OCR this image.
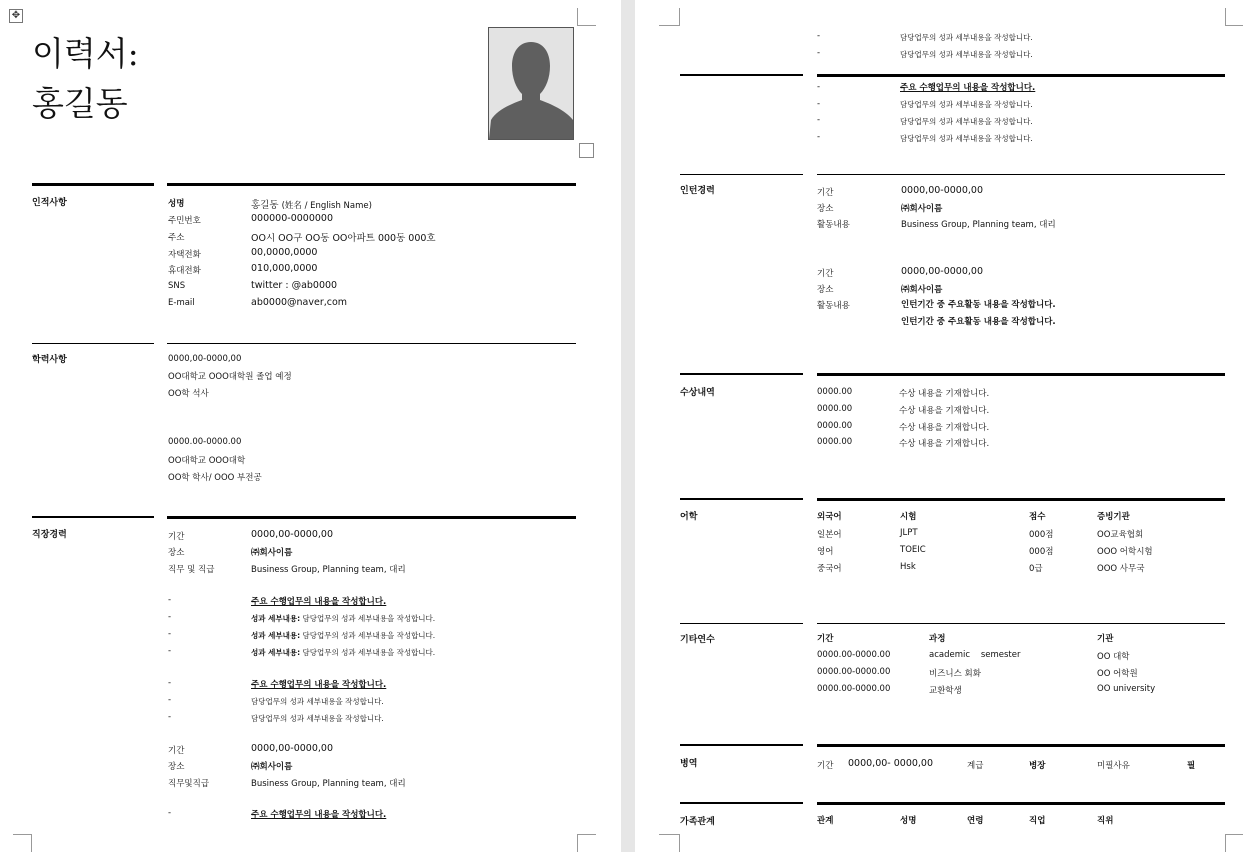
✥
이력서:
홍길동
인적사항	성명	홍길동 (姓名 / English Name)
주민번호	000000-0000000
주소	OO시 OO구 OO동 OO아파트 000동 000호
자택전화	00,0000,0000
휴대전화	010,000,0000
SNS	twitter : @ab0000
E-mail	ab0000@naver,com
학력사항	0000,00-0000,00
OO대학교 OOO대학원 졸업 예정
OO학 석사
0000.00-0000.00
OO대학교 OOO대학
OO학 학사/ OOO 부전공
직장경력	기간	0000,00-0000,00
장소	㈜회사이름
직무 및 직급	Business Group, Planning team, 대리
-	주요 수행업무의 내용을 작성합니다.
-	성과 세부내용: 담당업무의 성과 세부내용을 작성합니다.
-	성과 세부내용: 담당업무의 성과 세부내용을 작성합니다.
-	성과 세부내용: 담당업무의 성과 세부내용을 작성합니다.
-	주요 수행업무의 내용을 작성합니다.
-	담당업무의 성과 세부내용을 작성합니다.
-	담당업무의 성과 세부내용을 작성합니다.
기간	0000,00-0000,00
장소	㈜회사이름
직무및직급	Business Group, Planning team, 대리
-	주요 수행업무의 내용을 작성합니다.
-	담당업무의 성과 세부내용을 작성합니다.
-	담당업무의 성과 세부내용을 작성합니다.
-	주요 수행업무의 내용을 작성합니다.
-	담당업무의 성과 세부내용을 작성합니다.
-	담당업무의 성과 세부내용을 작성합니다.
-	담당업무의 성과 세부내용을 작성합니다.
인턴경력	기간	0000,00-0000,00
장소	㈜회사이름
활동내용	Business Group, Planning team, 대리
기간	0000,00-0000,00
장소	㈜회사이름
활동내용	인턴기간 중 주요활동 내용을 작성합니다.
인턴기간 중 주요활동 내용을 작성합니다.
수상내역	0000.00	수상 내용을 기재합니다.
0000.00	수상 내용을 기재합니다.
0000.00	수상 내용을 기재합니다.
0000.00	수상 내용을 기재합니다.
어학	외국어	시험	점수	증빙기관
일본어	JLPT	000점	OO교육협회
영어	TOEIC	000점	OOO 어학시험
중국어	Hsk	0급	OOO 사무국
기타연수	기간	과정	기관
0000.00-0000.00	academic    semester	OO 대학
0000.00-0000.00	비즈니스 회화	OO 어학원
0000.00-0000.00	교환학생	OO university
병역	기간 0000,00- 0000,00	계급	병장	미필사유	필
가족관계	관계	성명	연령	직업	직위
